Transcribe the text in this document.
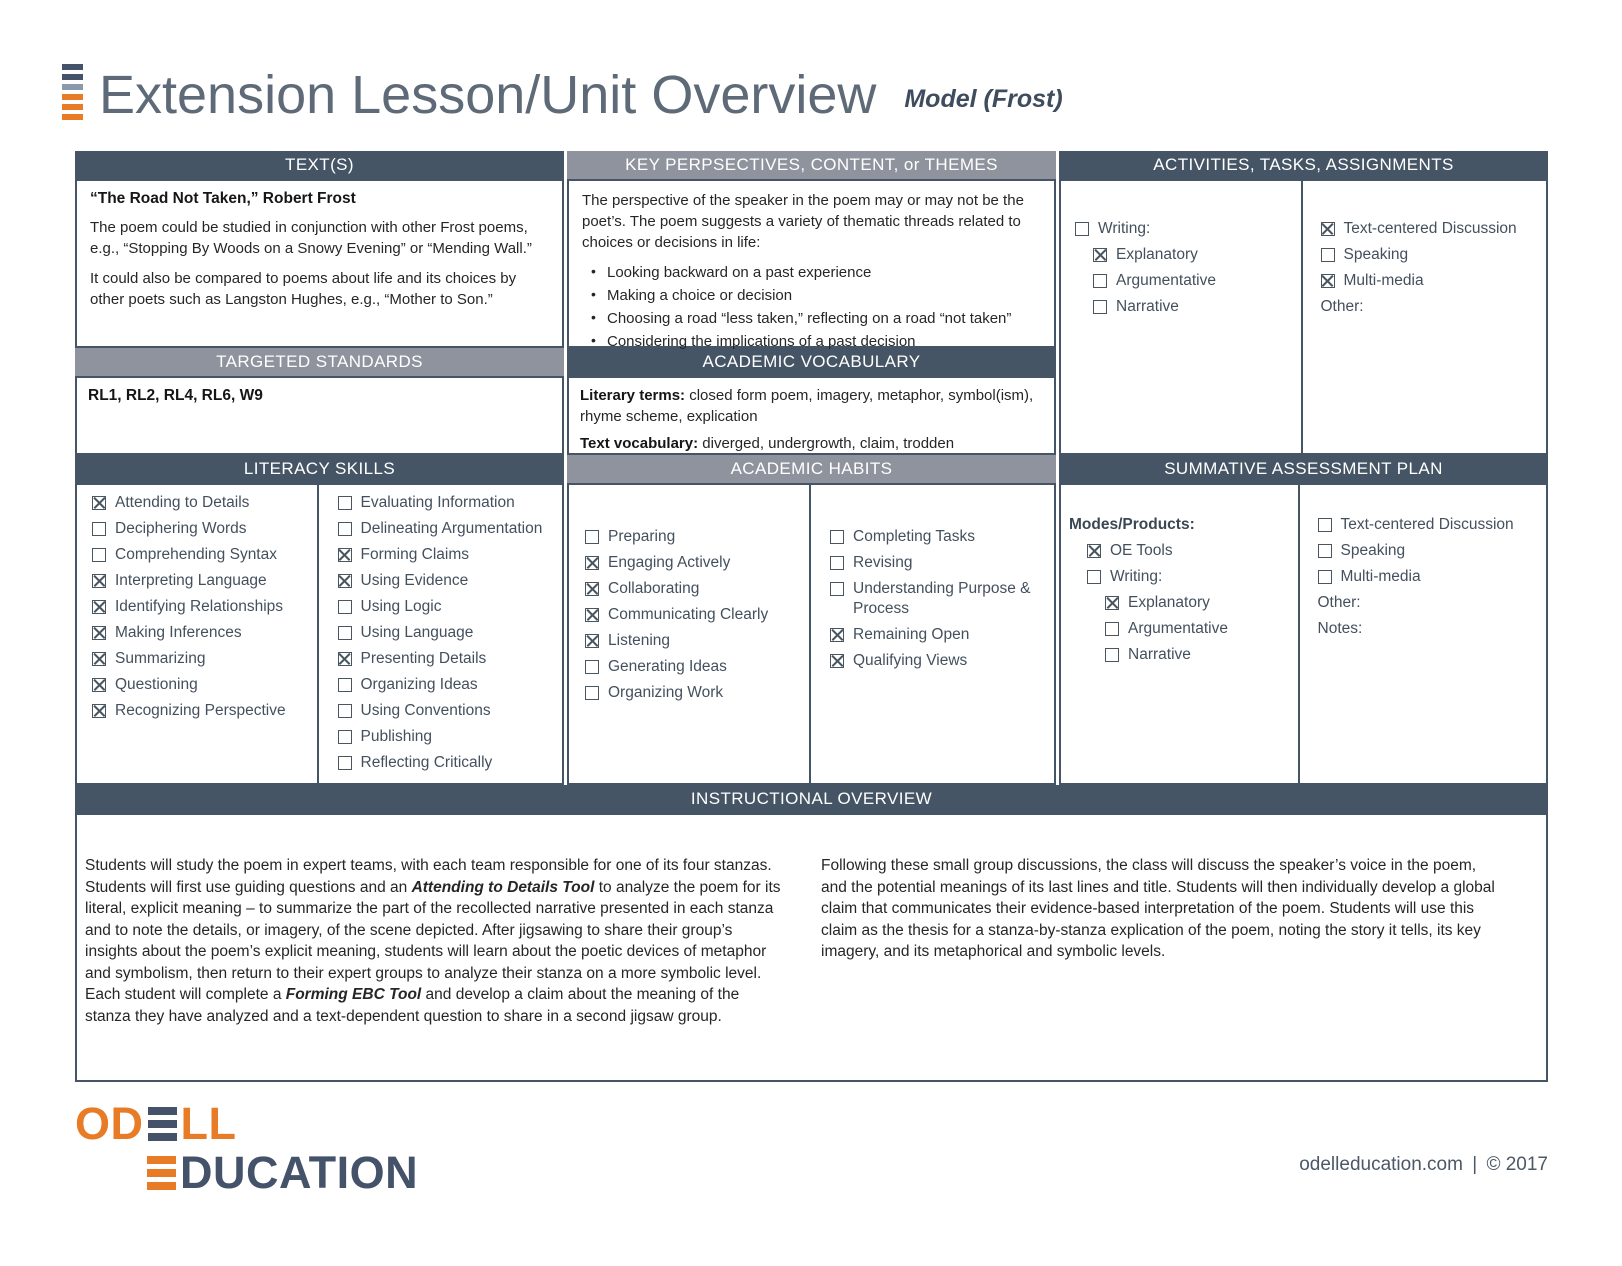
Extension Lesson/Unit Overview Model (Frost)
TEXT(S)
“The Road Not Taken,” Robert Frost
The poem could be studied in conjunction with other Frost poems, e.g., “Stopping By Woods on a Snowy Evening” or “Mending Wall.”
It could also be compared to poems about life and its choices by other poets such as Langston Hughes, e.g., “Mother to Son.”
TARGETED STANDARDS
RL1, RL2, RL4, RL6, W9
LITERACY SKILLS
Attending to Details
Deciphering Words
Comprehending Syntax
Interpreting Language
Identifying Relationships
Making Inferences
Summarizing
Questioning
Recognizing Perspective
Evaluating Information
Delineating Argumentation
Forming Claims
Using Evidence
Using Logic
Using Language
Presenting Details
Organizing Ideas
Using Conventions
Publishing
Reflecting Critically
KEY PERPSECTIVES, CONTENT, or THEMES
The perspective of the speaker in the poem may or may not be the poet’s. The poem suggests a variety of thematic threads related to choices or decisions in life:
• Looking backward on a past experience
• Making a choice or decision
• Choosing a road “less taken,” reflecting on a road “not taken”
• Considering the implications of a past decision
ACADEMIC VOCABULARY
Literary terms: closed form poem, imagery, metaphor, symbol(ism), rhyme scheme, explication
Text vocabulary: diverged, undergrowth, claim, trodden
ACADEMIC HABITS
Preparing
Engaging Actively
Collaborating
Communicating Clearly
Listening
Generating Ideas
Organizing Work
Completing Tasks
Revising
Understanding Purpose & Process
Remaining Open
Qualifying Views
ACTIVITIES, TASKS, ASSIGNMENTS
Writing:
Explanatory
Argumentative
Narrative
Text-centered Discussion
Speaking
Multi-media
Other:
SUMMATIVE ASSESSMENT PLAN
Modes/Products:
OE Tools
Writing:
Explanatory
Argumentative
Narrative
Text-centered Discussion
Speaking
Multi-media
Other:
Notes:
INSTRUCTIONAL OVERVIEW
Students will study the poem in expert teams, with each team responsible for one of its four stanzas. Students will first use guiding questions and an Attending to Details Tool to analyze the poem for its literal, explicit meaning – to summarize the part of the recollected narrative presented in each stanza and to note the details, or imagery, of the scene depicted. After jigsawing to share their group’s insights about the poem’s explicit meaning, students will learn about the poetic devices of metaphor and symbolism, then return to their expert groups to analyze their stanza on a more symbolic level. Each student will complete a Forming EBC Tool and develop a claim about the meaning of the stanza they have analyzed and a text-dependent question to share in a second jigsaw group.
Following these small group discussions, the class will discuss the speaker’s voice in the poem, and the potential meanings of its last lines and title. Students will then individually develop a global claim that communicates their evidence-based interpretation of the poem. Students will use this claim as the thesis for a stanza-by-stanza explication of the poem, noting the story it tells, its key imagery, and its metaphorical and symbolic levels.
OD LL
DUCATION	odelleducation.com | © 2017
